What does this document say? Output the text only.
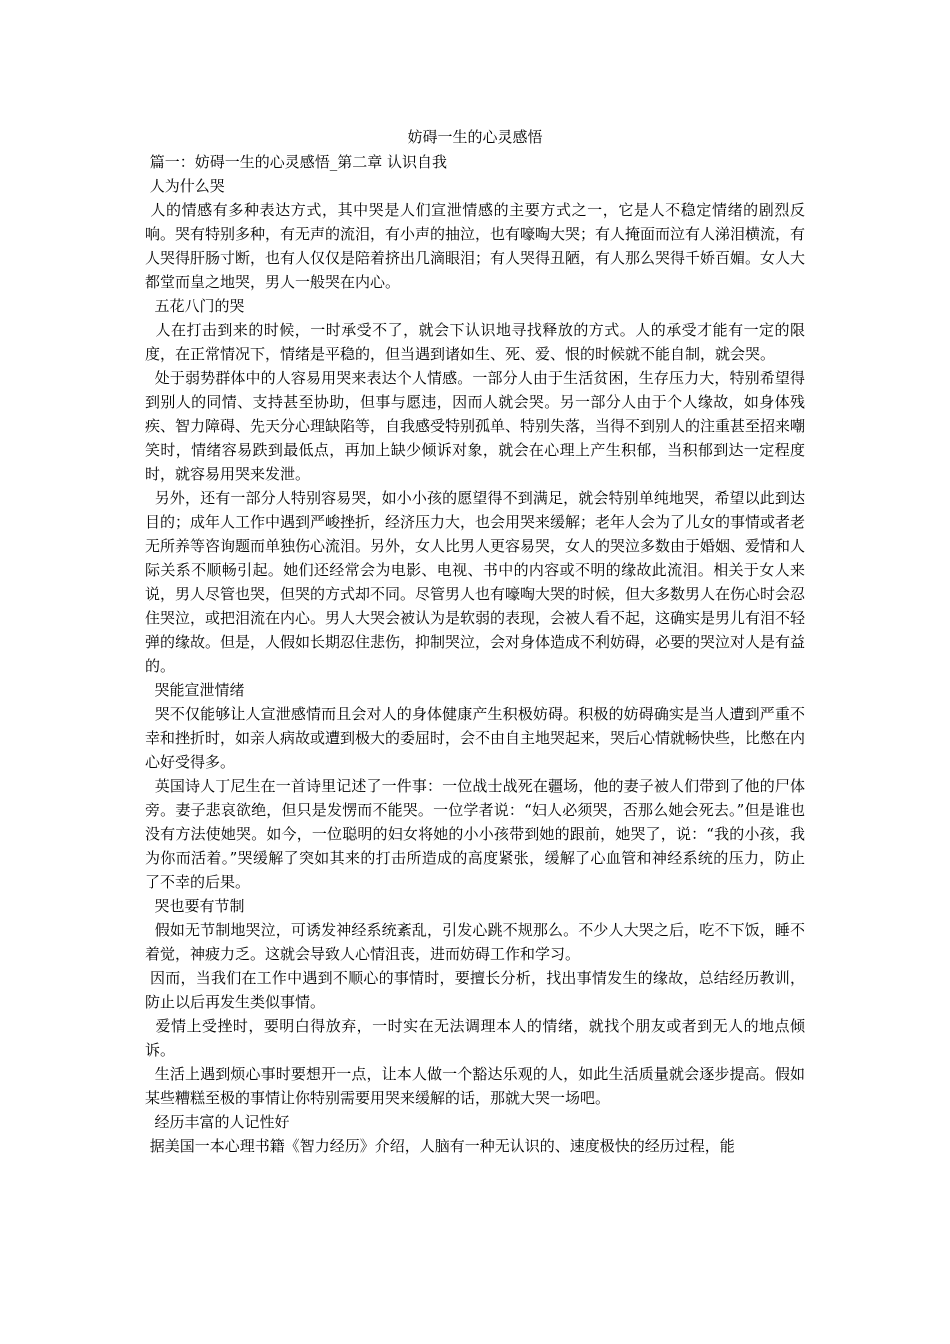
妨碍一生的心灵感悟

篇一：妨碍一生的心灵感悟_第二章 认识自我

人为什么哭

人的情感有多种表达方式，其中哭是人们宣泄情感的主要方式之一，它是人不稳定情绪的剧烈反响。哭有特别多种，有无声的流泪，有小声的抽泣，也有嚎啕大哭；有人掩面而泣有人涕泪横流，有人哭得肝肠寸断，也有人仅仅是陪着挤出几滴眼泪；有人哭得丑陋，有人那么哭得千娇百媚。女人大都堂而皇之地哭，男人一般哭在内心。

五花八门的哭

人在打击到来的时候，一时承受不了，就会下认识地寻找释放的方式。人的承受才能有一定的限度，在正常情况下，情绪是平稳的，但当遇到诸如生、死、爱、恨的时候就不能自制，就会哭。

处于弱势群体中的人容易用哭来表达个人情感。一部分人由于生活贫困，生存压力大，特别希望得到别人的同情、支持甚至协助，但事与愿违，因而人就会哭。另一部分人由于个人缘故，如身体残疾、智力障碍、先天分心理缺陷等，自我感受特别孤单、特别失落，当得不到别人的注重甚至招来嘲笑时，情绪容易跌到最低点，再加上缺少倾诉对象，就会在心理上产生积郁，当积郁到达一定程度时，就容易用哭来发泄。

另外，还有一部分人特别容易哭，如小小孩的愿望得不到满足，就会特别单纯地哭，希望以此到达目的；成年人工作中遇到严峻挫折，经济压力大，也会用哭来缓解；老年人会为了儿女的事情或者老无所养等咨询题而单独伤心流泪。另外，女人比男人更容易哭，女人的哭泣多数由于婚姻、爱情和人际关系不顺畅引起。她们还经常会为电影、电视、书中的内容或不明的缘故此流泪。相关于女人来说，男人尽管也哭，但哭的方式却不同。尽管男人也有嚎啕大哭的时候，但大多数男人在伤心时会忍住哭泣，或把泪流在内心。男人大哭会被认为是软弱的表现，会被人看不起，这确实是男儿有泪不轻弹的缘故。但是，人假如长期忍住悲伤，抑制哭泣，会对身体造成不利妨碍，必要的哭泣对人是有益的。

哭能宣泄情绪

哭不仅能够让人宣泄感情而且会对人的身体健康产生积极妨碍。积极的妨碍确实是当人遭到严重不幸和挫折时，如亲人病故或遭到极大的委屈时，会不由自主地哭起来，哭后心情就畅快些，比憋在内心好受得多。

英国诗人丁尼生在一首诗里记述了一件事：一位战士战死在疆场，他的妻子被人们带到了他的尸体旁。妻子悲哀欲绝，但只是发愣而不能哭。一位学者说：“妇人必须哭，否那么她会死去。”但是谁也没有方法使她哭。如今，一位聪明的妇女将她的小小孩带到她的跟前，她哭了，说：“我的小孩，我为你而活着。”哭缓解了突如其来的打击所造成的高度紧张，缓解了心血管和神经系统的压力，防止了不幸的后果。

哭也要有节制

假如无节制地哭泣，可诱发神经系统紊乱，引发心跳不规那么。不少人大哭之后，吃不下饭，睡不着觉，神疲力乏。这就会导致人心情沮丧，进而妨碍工作和学习。

因而，当我们在工作中遇到不顺心的事情时，要擅长分析，找出事情发生的缘故，总结经历教训，防止以后再发生类似事情。

爱情上受挫时，要明白得放弃，一时实在无法调理本人的情绪，就找个朋友或者到无人的地点倾诉。

生活上遇到烦心事时要想开一点，让本人做一个豁达乐观的人，如此生活质量就会逐步提高。假如某些糟糕至极的事情让你特别需要用哭来缓解的话，那就大哭一场吧。

经历丰富的人记性好

据美国一本心理书籍《智力经历》介绍，人脑有一种无认识的、速度极快的经历过程，能
